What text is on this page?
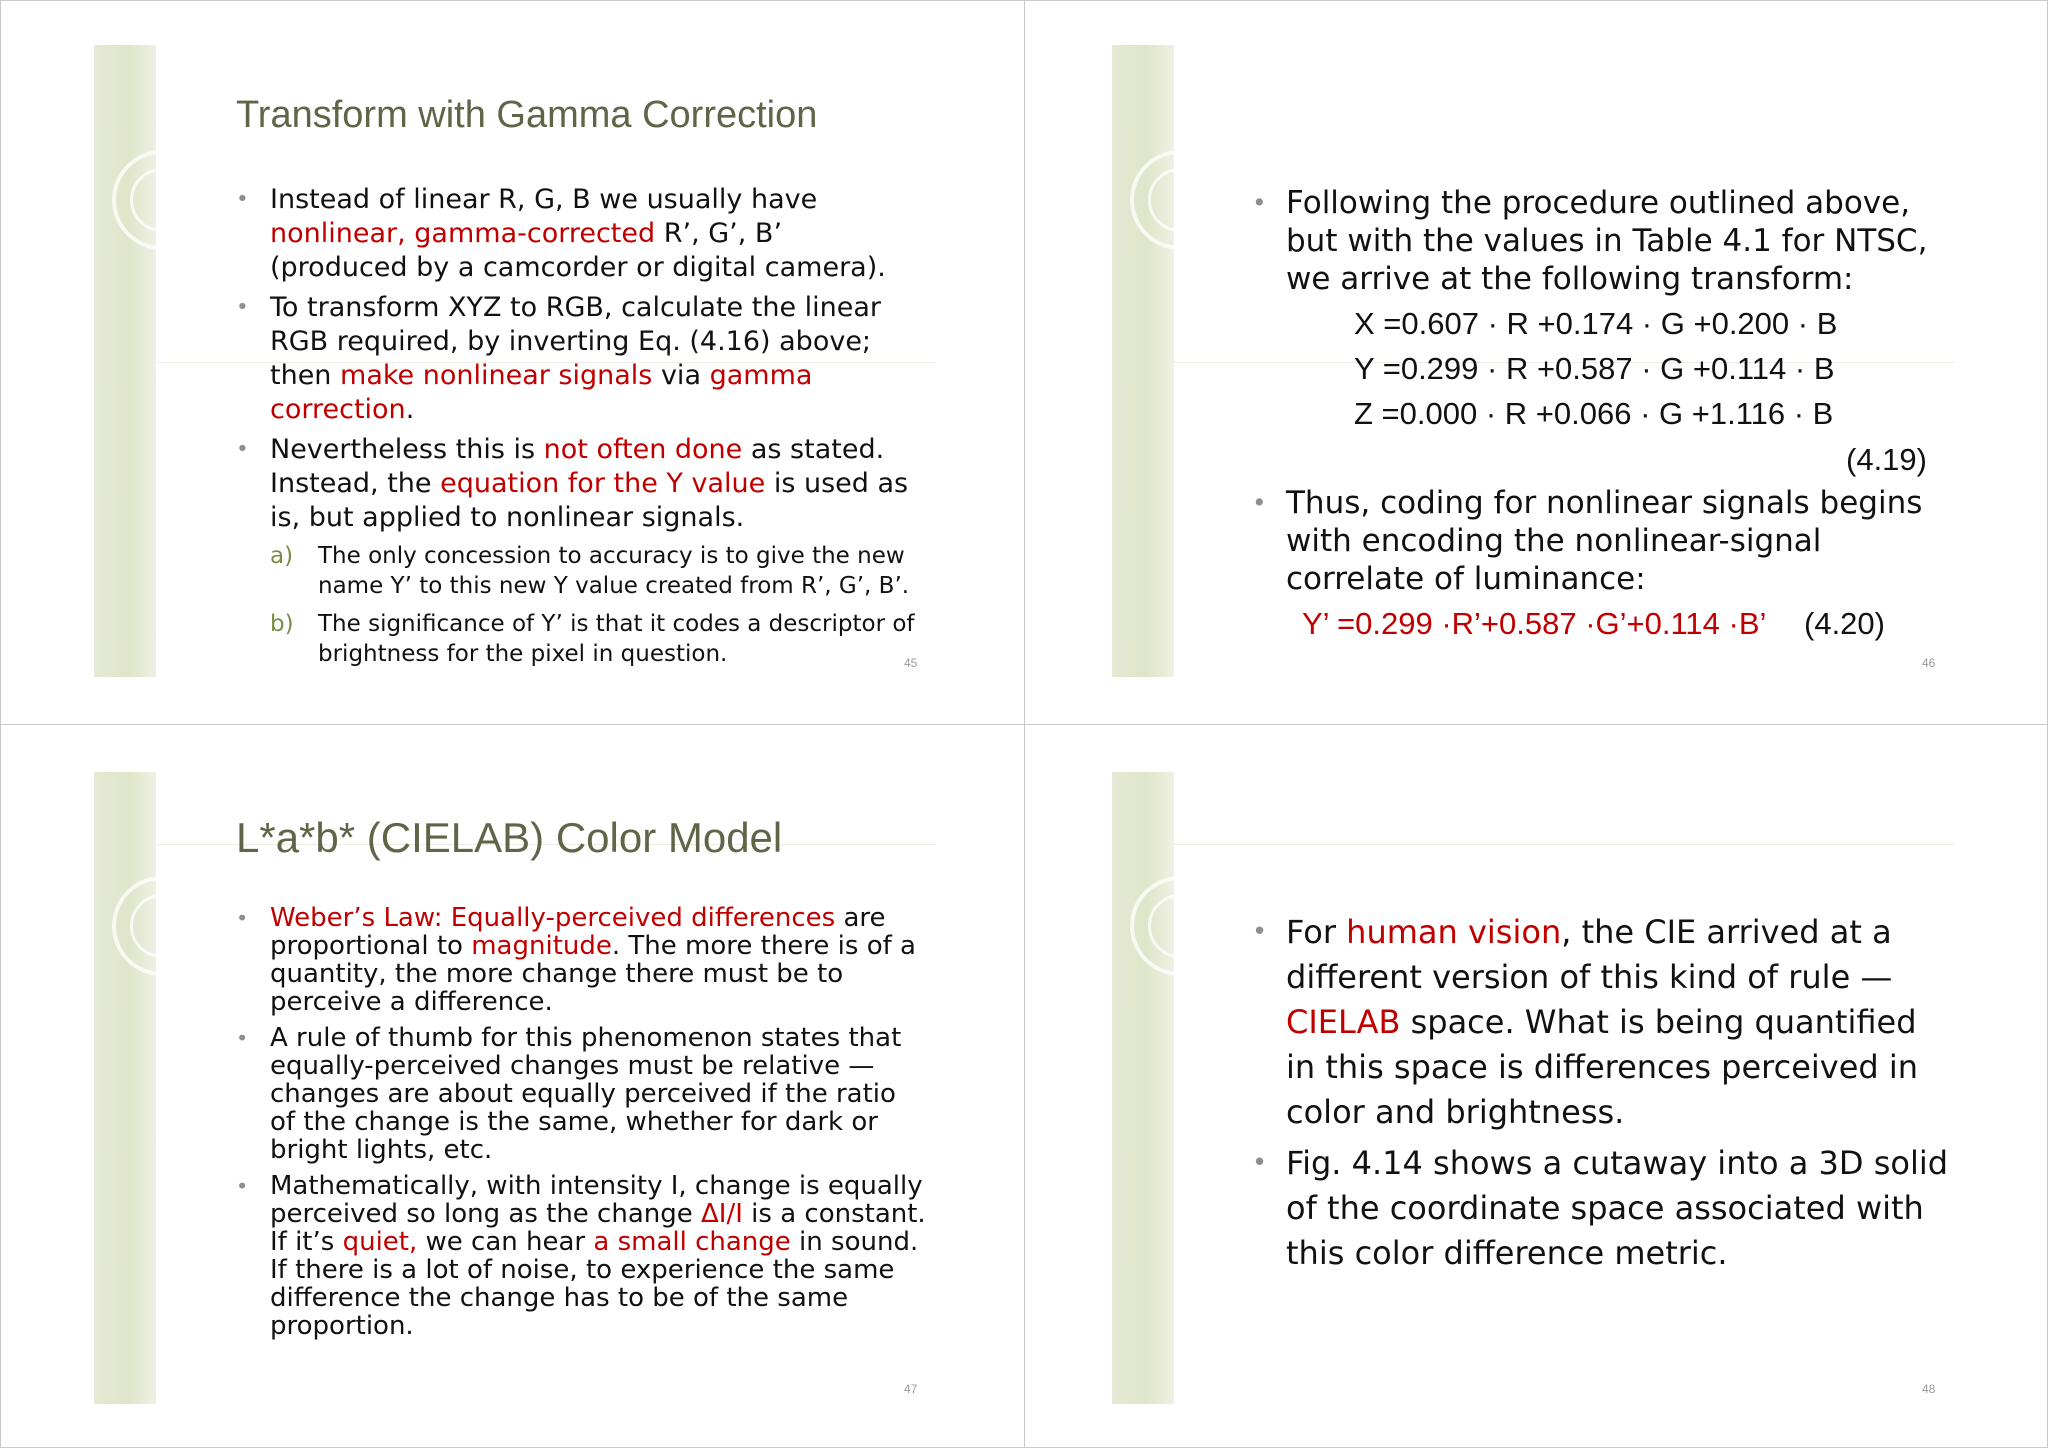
Transform with Gamma Correction
• Instead of linear R, G, B we usually have nonlinear, gamma-corrected R’, G’, B’ (produced by a camcorder or digital camera).
• To transform XYZ to RGB, calculate the linear RGB required, by inverting Eq. (4.16) above; then make nonlinear signals via gamma correction.
• Nevertheless this is not often done as stated. Instead, the equation for the Y value is used as is, but applied to nonlinear signals.
a) The only concession to accuracy is to give the new name Y’ to this new Y value created from R’, G’, B’.
b) The significance of Y’ is that it codes a descriptor of brightness for the pixel in question.	45
• Following the procedure outlined above, but with the values in Table 4.1 for NTSC, we arrive at the following transform:
X =0.607 · R +0.174 · G +0.200 · B
Y =0.299 · R +0.587 · G +0.114 · B
Z =0.000 · R +0.066 · G +1.116 · B
(4.19)
• Thus, coding for nonlinear signals begins with encoding the nonlinear-signal correlate of luminance:
Y’ =0.299 ·R’+0.587 ·G’+0.114 ·B’ (4.20)
46
L*a*b* (CIELAB) Color Model
• Weber’s Law: Equally-perceived differences are proportional to magnitude. The more there is of a quantity, the more change there must be to perceive a difference.
• A rule of thumb for this phenomenon states that equally-perceived changes must be relative — changes are about equally perceived if the ratio of the change is the same, whether for dark or bright lights, etc.
• Mathematically, with intensity I, change is equally perceived so long as the change ΔI/I is a constant. If it’s quiet, we can hear a small change in sound. If there is a lot of noise, to experience the same difference the change has to be of the same proportion.
47
• For human vision, the CIE arrived at a different version of this kind of rule — CIELAB space. What is being quantified in this space is differences perceived in color and brightness.
• Fig. 4.14 shows a cutaway into a 3D solid of the coordinate space associated with this color difference metric.
48
